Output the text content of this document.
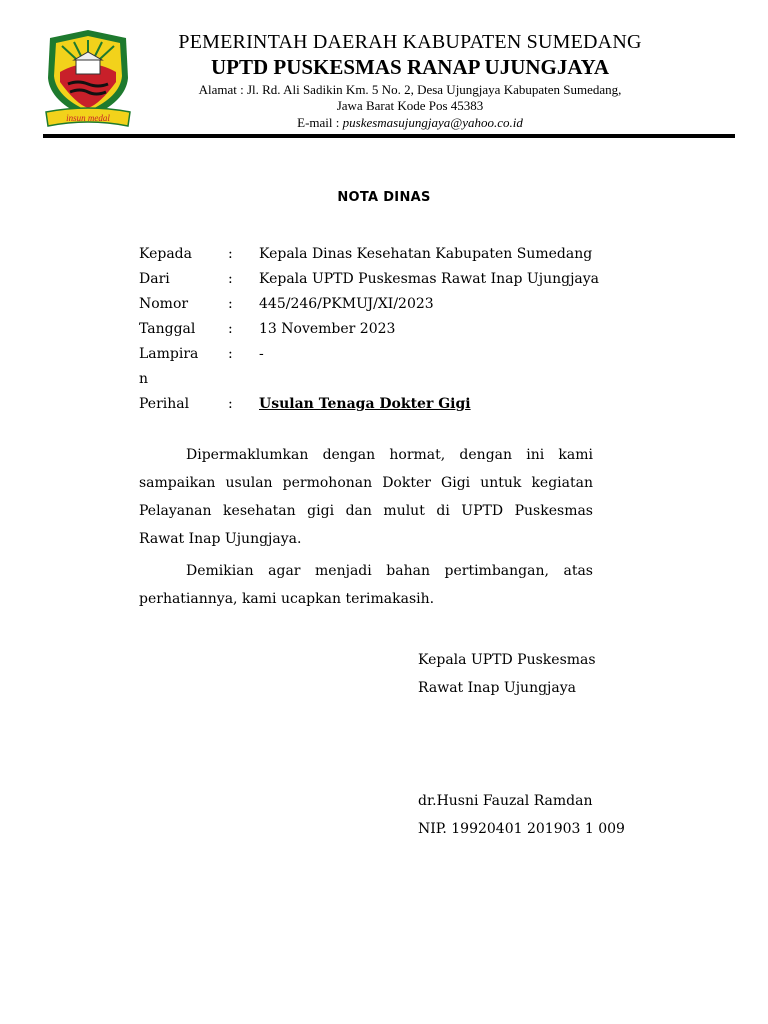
insun medal
PEMERINTAH DAERAH KABUPATEN SUMEDANG
UPTD PUSKESMAS RANAP UJUNGJAYA
Alamat : Jl. Rd. Ali Sadikin Km. 5 No. 2, Desa Ujungjaya Kabupaten Sumedang,
Jawa Barat Kode Pos 45383
E-mail : puskesmasujungjaya@yahoo.co.id
NOTA DINAS
Kepada	: Kepala Dinas Kesehatan Kabupaten Sumedang
Dari	: Kepala UPTD Puskesmas Rawat Inap Ujungjaya
Nomor	: 445/246/PKMUJ/XI/2023
Tanggal	: 13 November 2023
Lampira	: -
n
Perihal	: Usulan Tenaga Dokter Gigi
Dipermaklumkan dengan hormat, dengan ini kami sampaikan usulan permohonan Dokter Gigi untuk kegiatan Pelayanan kesehatan gigi dan mulut di UPTD Puskesmas Rawat Inap Ujungjaya.
Demikian agar menjadi bahan pertimbangan, atas perhatiannya, kami ucapkan terimakasih.
Kepala UPTD Puskesmas
Rawat Inap Ujungjaya
dr.Husni Fauzal Ramdan
NIP. 19920401 201903 1 009
